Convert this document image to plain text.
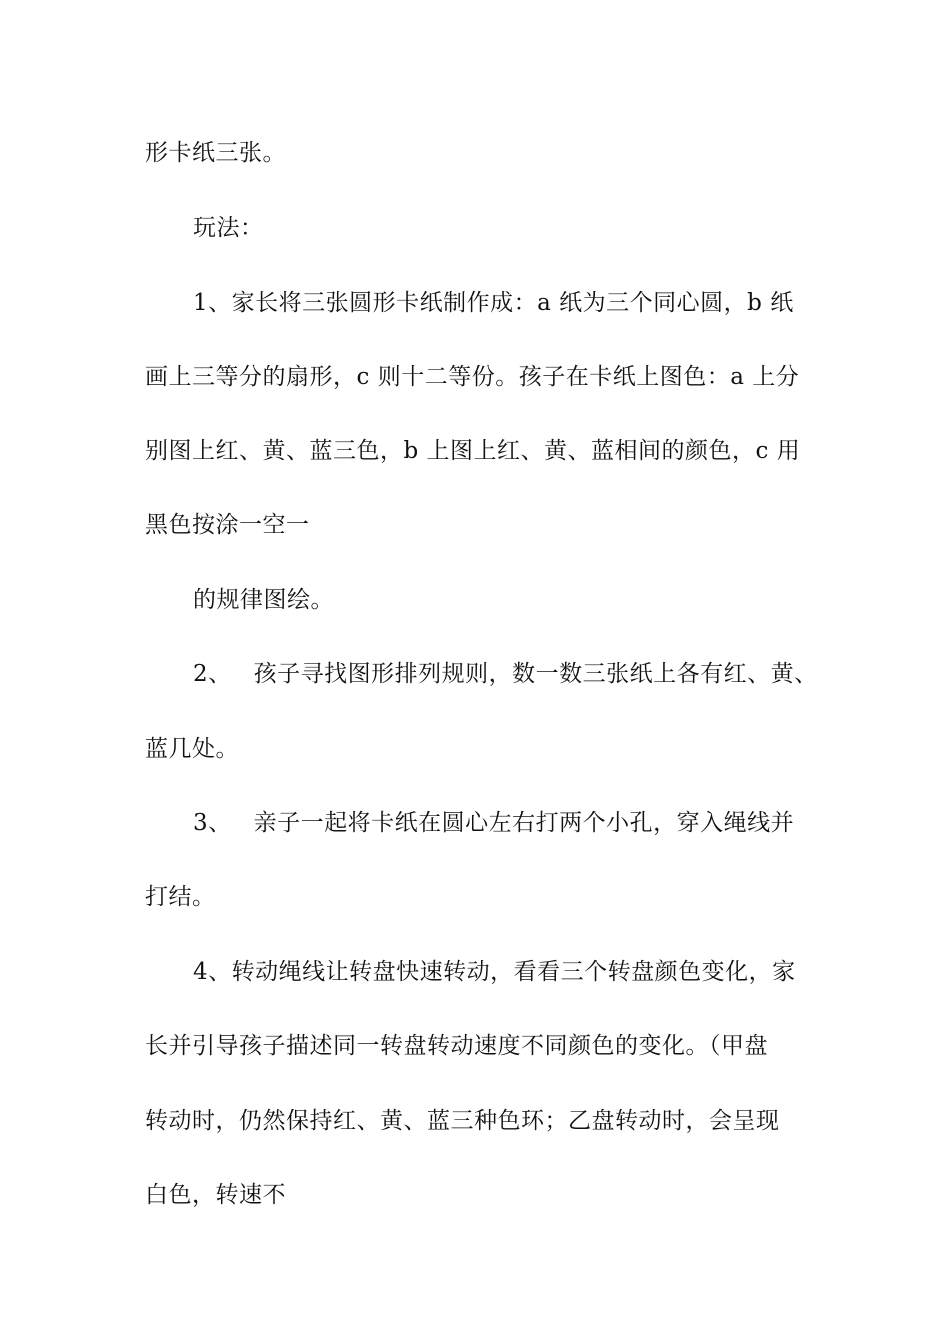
形卡纸三张。
玩法：
1、家长将三张圆形卡纸制作成：a 纸为三个同心圆，b 纸
画上三等分的扇形，c 则十二等份。孩子在卡纸上图色：a 上分
别图上红、黄、蓝三色，b 上图上红、黄、蓝相间的颜色，c 用
黑色按涂一空一
的规律图绘。
2、 孩子寻找图形排列规则，数一数三张纸上各有红、黄、
蓝几处。
3、 亲子一起将卡纸在圆心左右打两个小孔，穿入绳线并
打结。
4、转动绳线让转盘快速转动，看看三个转盘颜色变化，家
长并引导孩子描述同一转盘转动速度不同颜色的变化。（甲盘
转动时，仍然保持红、黄、蓝三种色环；乙盘转动时，会呈现
白色，转速不
